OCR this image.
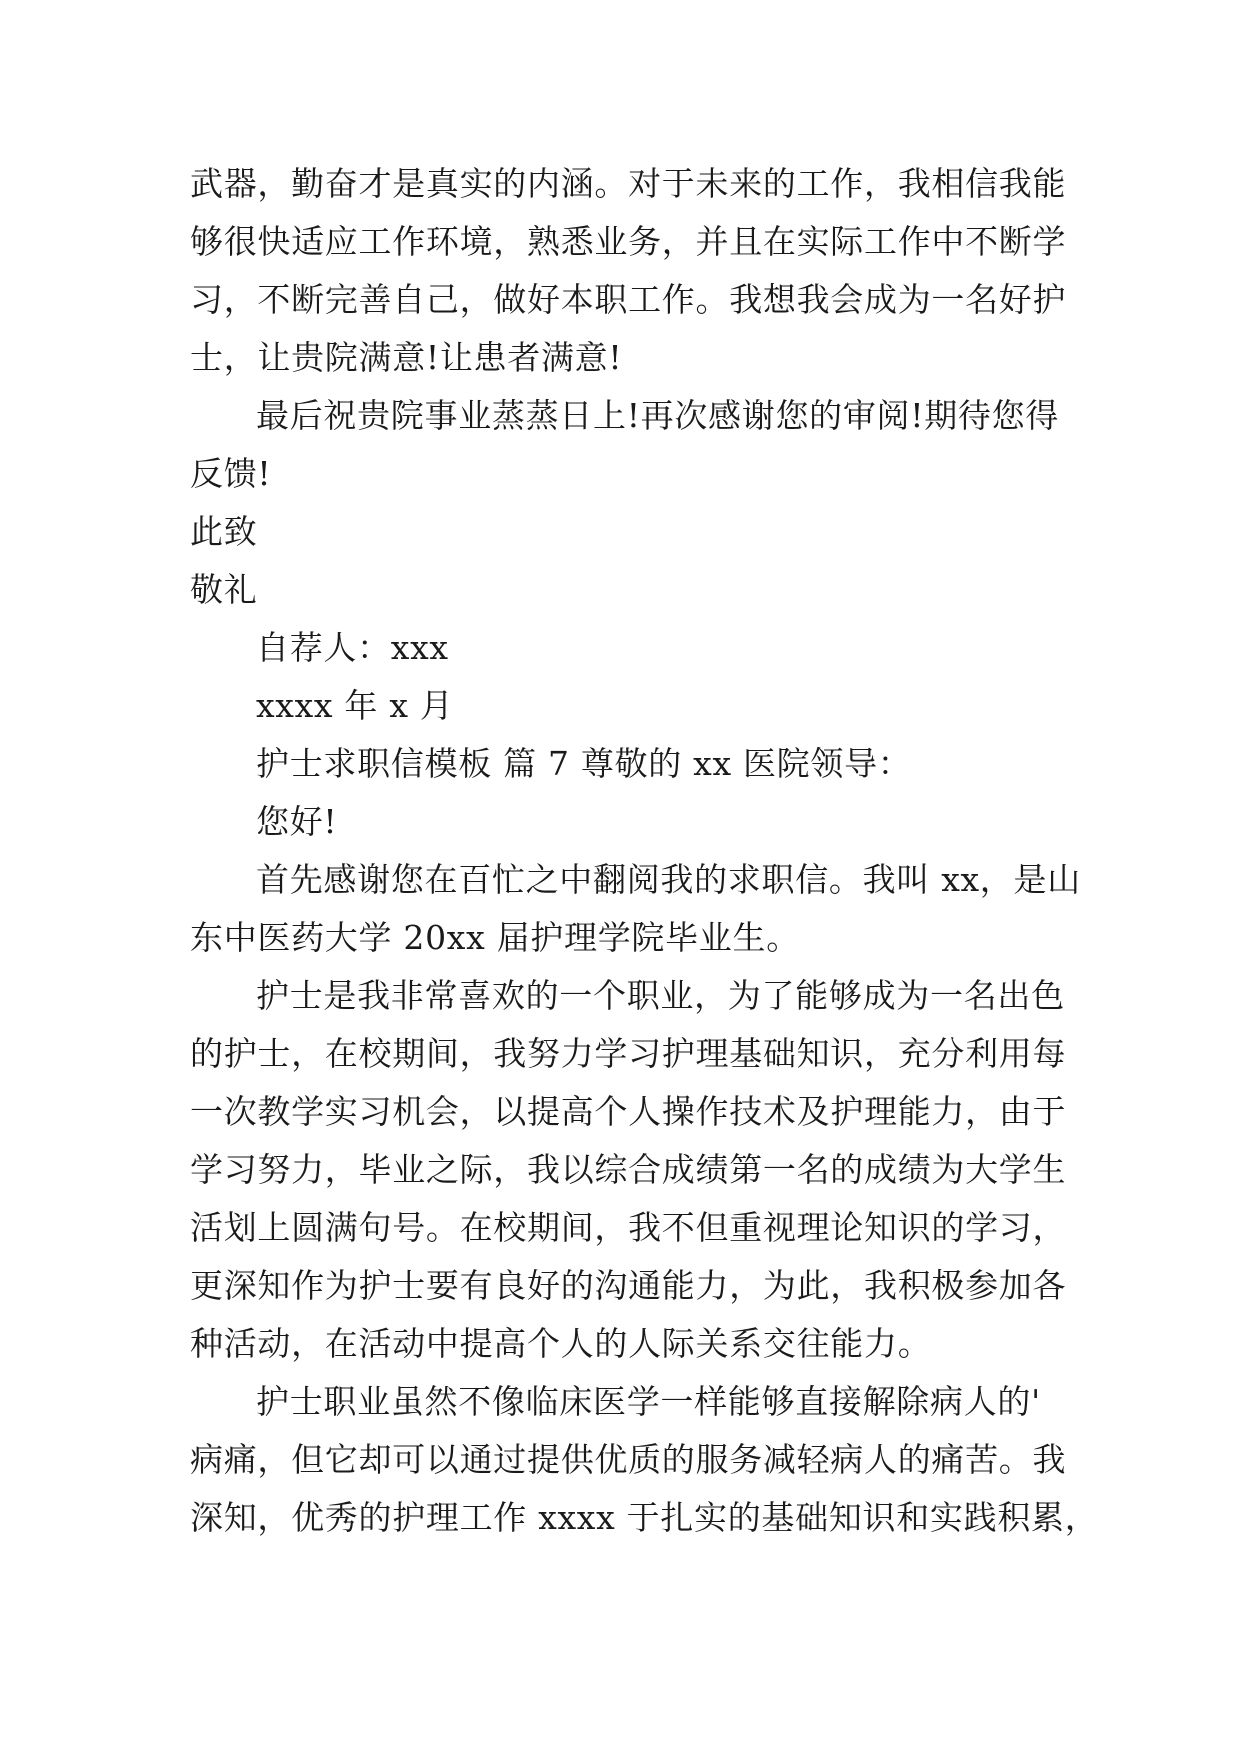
武器，勤奋才是真实的内涵。对于未来的工作，我相信我能
够很快适应工作环境，熟悉业务，并且在实际工作中不断学
习，不断完善自己，做好本职工作。我想我会成为一名好护
士，让贵院满意!让患者满意!
最后祝贵院事业蒸蒸日上!再次感谢您的审阅!期待您得
反馈!
此致
敬礼
自荐人：xxx
xxxx 年 x 月
护士求职信模板 篇 7 尊敬的 xx 医院领导：
您好!
首先感谢您在百忙之中翻阅我的求职信。我叫 xx，是山
东中医药大学 20xx 届护理学院毕业生。
护士是我非常喜欢的一个职业，为了能够成为一名出色
的护士，在校期间，我努力学习护理基础知识，充分利用每
一次教学实习机会，以提高个人操作技术及护理能力，由于
学习努力，毕业之际，我以综合成绩第一名的成绩为大学生
活划上圆满句号。在校期间，我不但重视理论知识的学习，
更深知作为护士要有良好的沟通能力，为此，我积极参加各
种活动，在活动中提高个人的人际关系交往能力。
护士职业虽然不像临床医学一样能够直接解除病人的'
病痛，但它却可以通过提供优质的服务减轻病人的痛苦。我
深知，优秀的护理工作 xxxx 于扎实的基础知识和实践积累，
